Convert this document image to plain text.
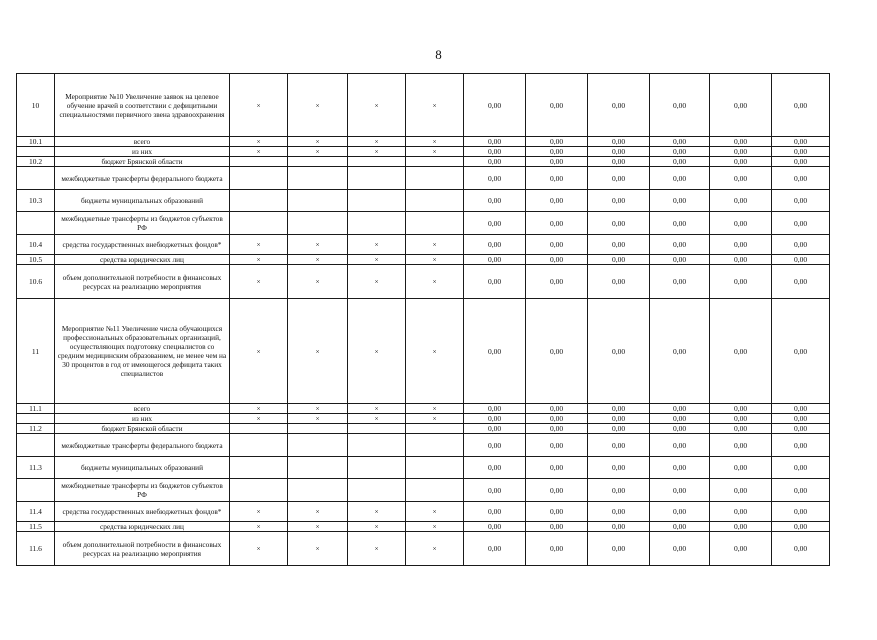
8
10	Мероприятие №10 Увеличение заявок на целевое обучение врачей в соответствии с дефицитными специальностями первичного звена здравоохранения	×	×	×	×	0,00	0,00	0,00	0,00	0,00	0,00
10.1	всего	×	×	×	×	0,00	0,00	0,00	0,00	0,00	0,00
	из них	×	×	×	×	0,00	0,00	0,00	0,00	0,00	0,00
10.2	бюджет Брянской области					0,00	0,00	0,00	0,00	0,00	0,00
	межбюджетные трансферты федерального бюджета					0,00	0,00	0,00	0,00	0,00	0,00
10.3	бюджеты муниципальных образований					0,00	0,00	0,00	0,00	0,00	0,00
	межбюджетные трансферты из бюджетов субъектов РФ					0,00	0,00	0,00	0,00	0,00	0,00
10.4	средства государственных внебюджетных фондов*	×	×	×	×	0,00	0,00	0,00	0,00	0,00	0,00
10.5	средства юридических лиц	×	×	×	×	0,00	0,00	0,00	0,00	0,00	0,00
10.6	объем дополнительной потребности в финансовых ресурсах на реализацию мероприятия	×	×	×	×	0,00	0,00	0,00	0,00	0,00	0,00
11	Мероприятие №11 Увеличение числа обучающихся профессиональных образовательных организаций, осуществляющих подготовку специалистов со средним медицинским образованием, не менее чем на 30 процентов в год от имеющегося дефицита таких специалистов	×	×	×	×	0,00	0,00	0,00	0,00	0,00	0,00
11.1	всего	×	×	×	×	0,00	0,00	0,00	0,00	0,00	0,00
	из них	×	×	×	×	0,00	0,00	0,00	0,00	0,00	0,00
11.2	бюджет Брянской области					0,00	0,00	0,00	0,00	0,00	0,00
	межбюджетные трансферты федерального бюджета					0,00	0,00	0,00	0,00	0,00	0,00
11.3	бюджеты муниципальных образований					0,00	0,00	0,00	0,00	0,00	0,00
	межбюджетные трансферты из бюджетов субъектов РФ					0,00	0,00	0,00	0,00	0,00	0,00
11.4	средства государственных внебюджетных фондов*	×	×	×	×	0,00	0,00	0,00	0,00	0,00	0,00
11.5	средства юридических лиц	×	×	×	×	0,00	0,00	0,00	0,00	0,00	0,00
11.6	объем дополнительной потребности в финансовых ресурсах на реализацию мероприятия	×	×	×	×	0,00	0,00	0,00	0,00	0,00	0,00
